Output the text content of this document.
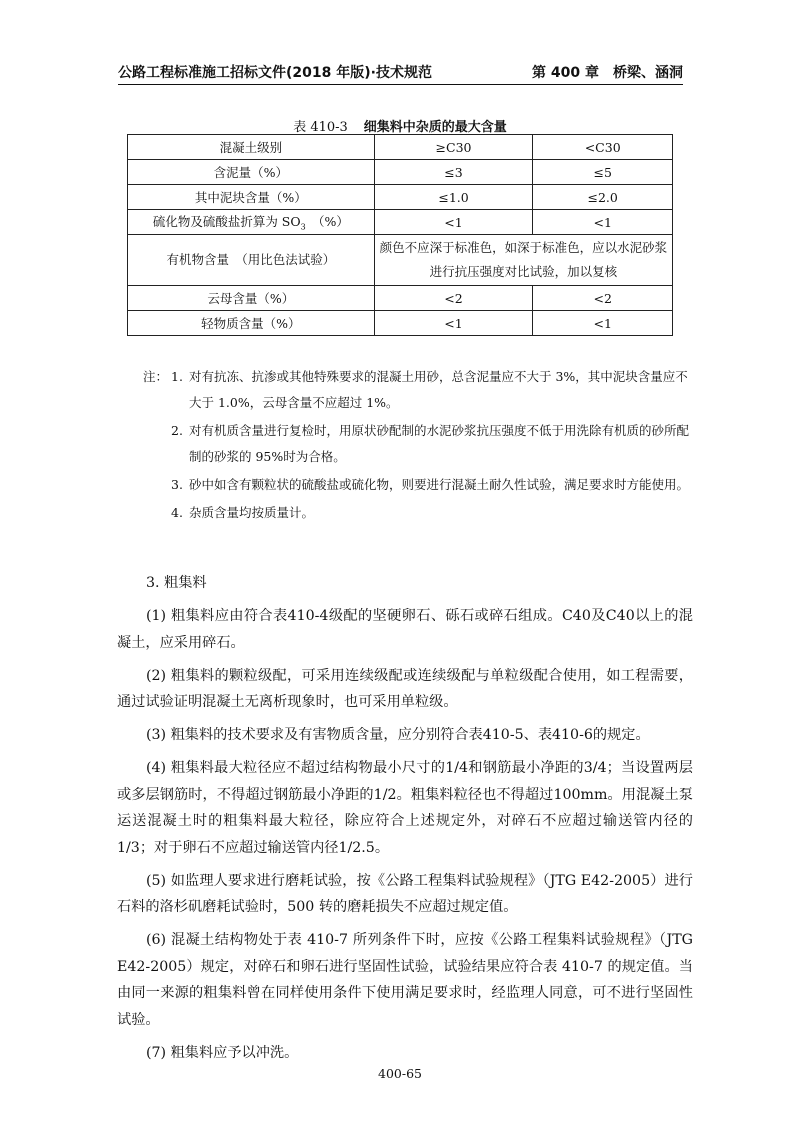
公路工程标准施工招标文件(2018 年版)·技术规范	第 400 章　桥梁、涵洞
表 410-3 细集料中杂质的最大含量
混凝土级别	≥C30	<C30
含泥量（%）	≤3	≤5
其中泥块含量（%）	≤1.0	≤2.0
硫化物及硫酸盐折算为 $SO_3$　（%）	<1	<1
有机物含量　（用比色法试验）	颜色不应深于标准色，如深于标准色，应以水泥砂浆
进行抗压强度对比试验，加以复核	

云母含量（%）	<2	<2
轻物质含量（%）	<1	<1
注： 1. 对有抗冻、抗渗或其他特殊要求的混凝土用砂，总含泥量应不大于 3%，其中泥块含量应不大于 1.0%，云母含量不应超过 1%。
2. 对有机质含量进行复检时，用原状砂配制的水泥砂浆抗压强度不低于用洗除有机质的砂所配制的砂浆的 95%时为合格。
3. 砂中如含有颗粒状的硫酸盐或硫化物，则要进行混凝土耐久性试验，满足要求时方能使用。
4. 杂质含量均按质量计。

3. 粗集料

(1) 粗集料应由符合表410-4级配的坚硬卵石、砾石或碎石组成。C40及C40以上的混凝土，应采用碎石。

(2) 粗集料的颗粒级配，可采用连续级配或连续级配与单粒级配合使用，如工程需要，通过试验证明混凝土无离析现象时，也可采用单粒级。

(3) 粗集料的技术要求及有害物质含量，应分别符合表410-5、表410-6的规定。

(4) 粗集料最大粒径应不超过结构物最小尺寸的1/4和钢筋最小净距的3/4；当设置两层或多层钢筋时，不得超过钢筋最小净距的1/2。粗集料粒径也不得超过100mm。用混凝土泵运送混凝土时的粗集料最大粒径，除应符合上述规定外，对碎石不应超过输送管内径的1/3；对于卵石不应超过输送管内径1/2.5。

(5) 如监理人要求进行磨耗试验，按《公路工程集料试验规程》（JTG E42-2005）进行石料的洛杉矶磨耗试验时，500 转的磨耗损失不应超过规定值。

(6) 混凝土结构物处于表 410-7 所列条件下时，应按《公路工程集料试验规程》（JTG E42-2005）规定，对碎石和卵石进行坚固性试验，试验结果应符合表 410-7 的规定值。当由同一来源的粗集料曾在同样使用条件下使用满足要求时，经监理人同意，可不进行坚固性试验。

(7) 粗集料应予以冲洗。

400-65
